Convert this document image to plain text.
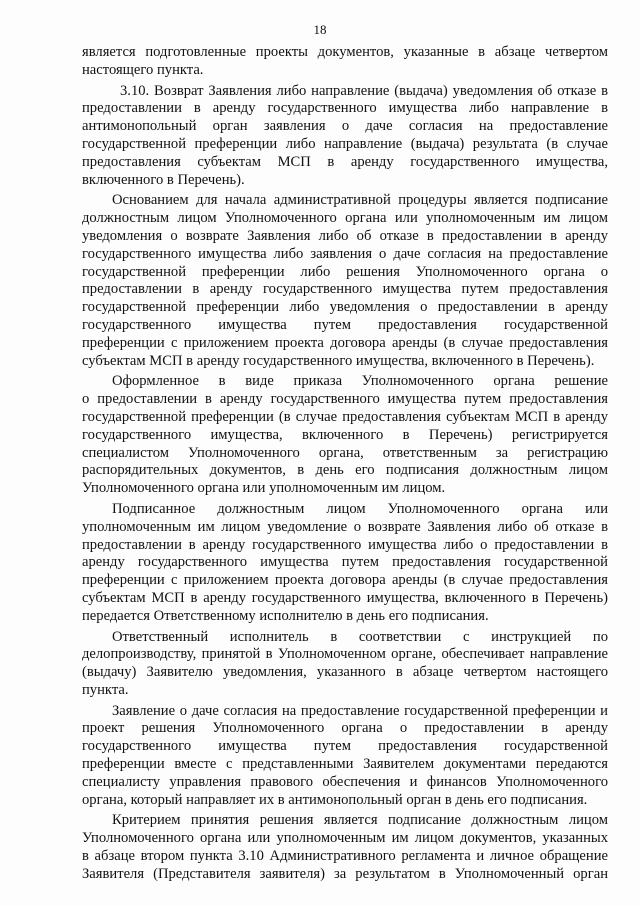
18
является подготовленные проекты документов, указанные в абзаце четвертом
настоящего пункта.
3.10. Возврат Заявления либо направление (выдача) уведомления об отказе в
предоставлении в аренду государственного имущества либо направление в
антимонопольный орган заявления о даче согласия на предоставление
государственной преференции либо направление (выдача) результата (в случае
предоставления субъектам МСП в аренду государственного имущества,
включенного в Перечень).
Основанием для начала административной процедуры является подписание
должностным лицом Уполномоченного органа или уполномоченным им лицом
уведомления о возврате Заявления либо об отказе в предоставлении в аренду
государственного имущества либо заявления о даче согласия на предоставление
государственной преференции либо решения Уполномоченного органа о
предоставлении в аренду государственного имущества путем предоставления
государственной преференции либо уведомления о предоставлении в аренду
государственного имущества путем предоставления государственной
преференции с приложением проекта договора аренды (в случае предоставления
субъектам МСП в аренду государственного имущества, включенного в Перечень).
Оформленное в виде приказа Уполномоченного органа решение
о предоставлении в аренду государственного имущества путем предоставления
государственной преференции (в случае предоставления субъектам МСП в аренду
государственного имущества, включенного в Перечень) регистрируется
специалистом Уполномоченного органа, ответственным за регистрацию
распорядительных документов, в день его подписания должностным лицом
Уполномоченного органа или уполномоченным им лицом.
Подписанное должностным лицом Уполномоченного органа или
уполномоченным им лицом уведомление о возврате Заявления либо об отказе в
предоставлении в аренду государственного имущества либо о предоставлении в
аренду государственного имущества путем предоставления государственной
преференции с приложением проекта договора аренды (в случае предоставления
субъектам МСП в аренду государственного имущества, включенного в Перечень)
передается Ответственному исполнителю в день его подписания.
Ответственный исполнитель в соответствии с инструкцией по
делопроизводству, принятой в Уполномоченном органе, обеспечивает направление
(выдачу) Заявителю уведомления, указанного в абзаце четвертом настоящего
пункта.
Заявление о даче согласия на предоставление государственной преференции и
проект решения Уполномоченного органа о предоставлении в аренду
государственного имущества путем предоставления государственной
преференции вместе с представленными Заявителем документами передаются
специалисту управления правового обеспечения и финансов Уполномоченного
органа, который направляет их в антимонопольный орган в день его подписания.
Критерием принятия решения является подписание должностным лицом
Уполномоченного органа или уполномоченным им лицом документов, указанных
в абзаце втором пункта 3.10 Административного регламента и личное обращение
Заявителя (Представителя заявителя) за результатом в Уполномоченный орган
